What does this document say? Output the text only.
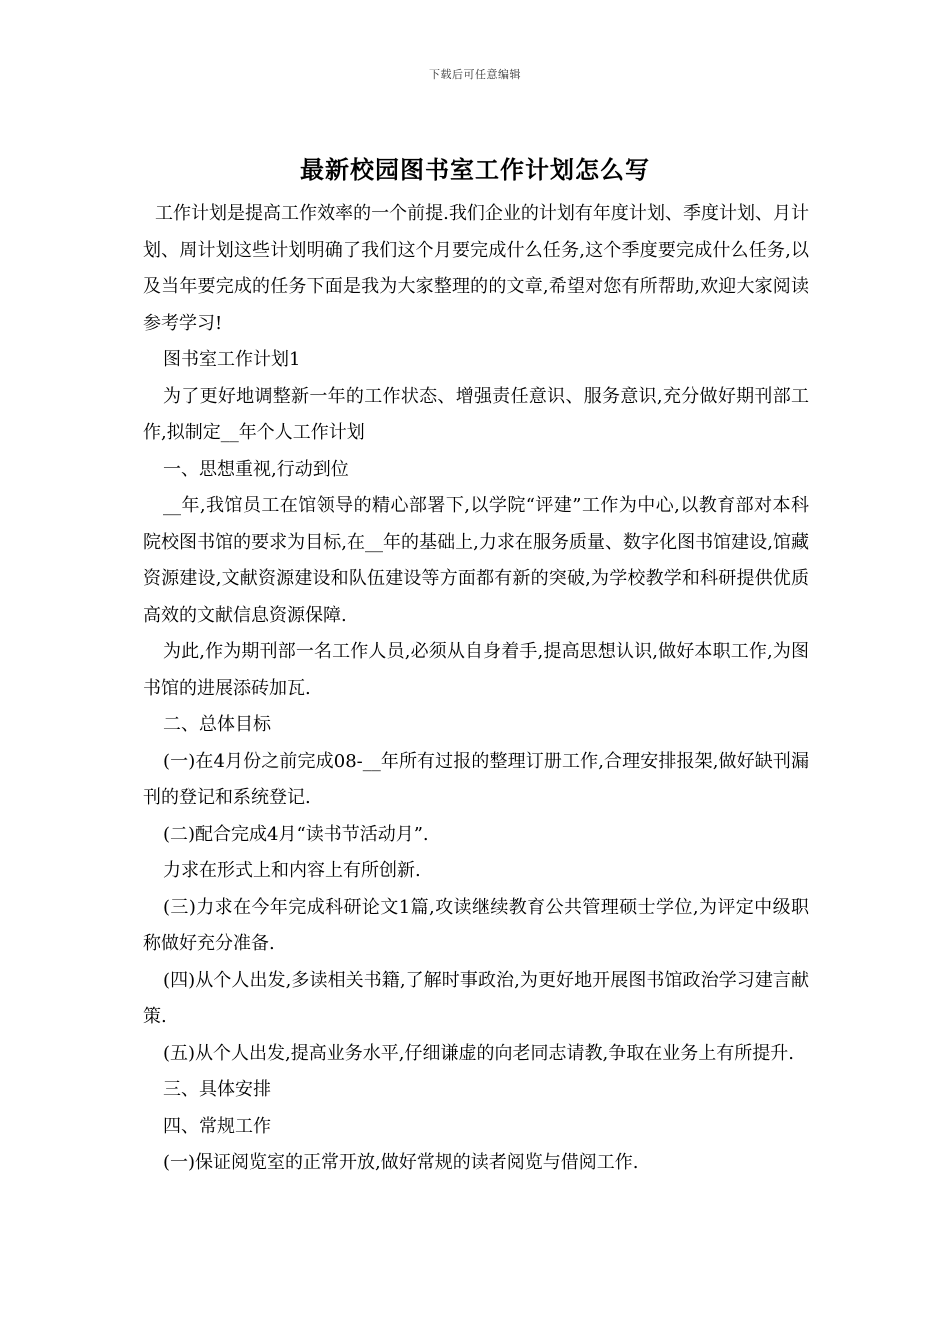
下载后可任意编辑
最新校园图书室工作计划怎么写

工作计划是提高工作效率的一个前提.我们企业的计划有年度计划、季度计划、月计划、周计划这些计划明确了我们这个月要完成什么任务,这个季度要完成什么任务,以及当年要完成的任务下面是我为大家整理的的文章,希望对您有所帮助,欢迎大家阅读参考学习!

图书室工作计划1

为了更好地调整新一年的工作状态、增强责任意识、服务意识,充分做好期刊部工作,拟制定__年个人工作计划

一、思想重视,行动到位

__年,我馆员工在馆领导的精心部署下,以学院“评建”工作为中心,以教育部对本科院校图书馆的要求为目标,在__年的基础上,力求在服务质量、数字化图书馆建设,馆藏资源建设,文献资源建设和队伍建设等方面都有新的突破,为学校教学和科研提供优质高效的文献信息资源保障.

为此,作为期刊部一名工作人员,必须从自身着手,提高思想认识,做好本职工作,为图书馆的进展添砖加瓦.

二、总体目标

(一)在4月份之前完成08-__年所有过报的整理订册工作,合理安排报架,做好缺刊漏刊的登记和系统登记.

(二)配合完成4月“读书节活动月”.

力求在形式上和内容上有所创新.

(三)力求在今年完成科研论文1篇,攻读继续教育公共管理硕士学位,为评定中级职称做好充分准备.

(四)从个人出发,多读相关书籍,了解时事政治,为更好地开展图书馆政治学习建言献策.

(五)从个人出发,提高业务水平,仔细谦虚的向老同志请教,争取在业务上有所提升.

三、具体安排

四、常规工作

(一)保证阅览室的正常开放,做好常规的读者阅览与借阅工作.
